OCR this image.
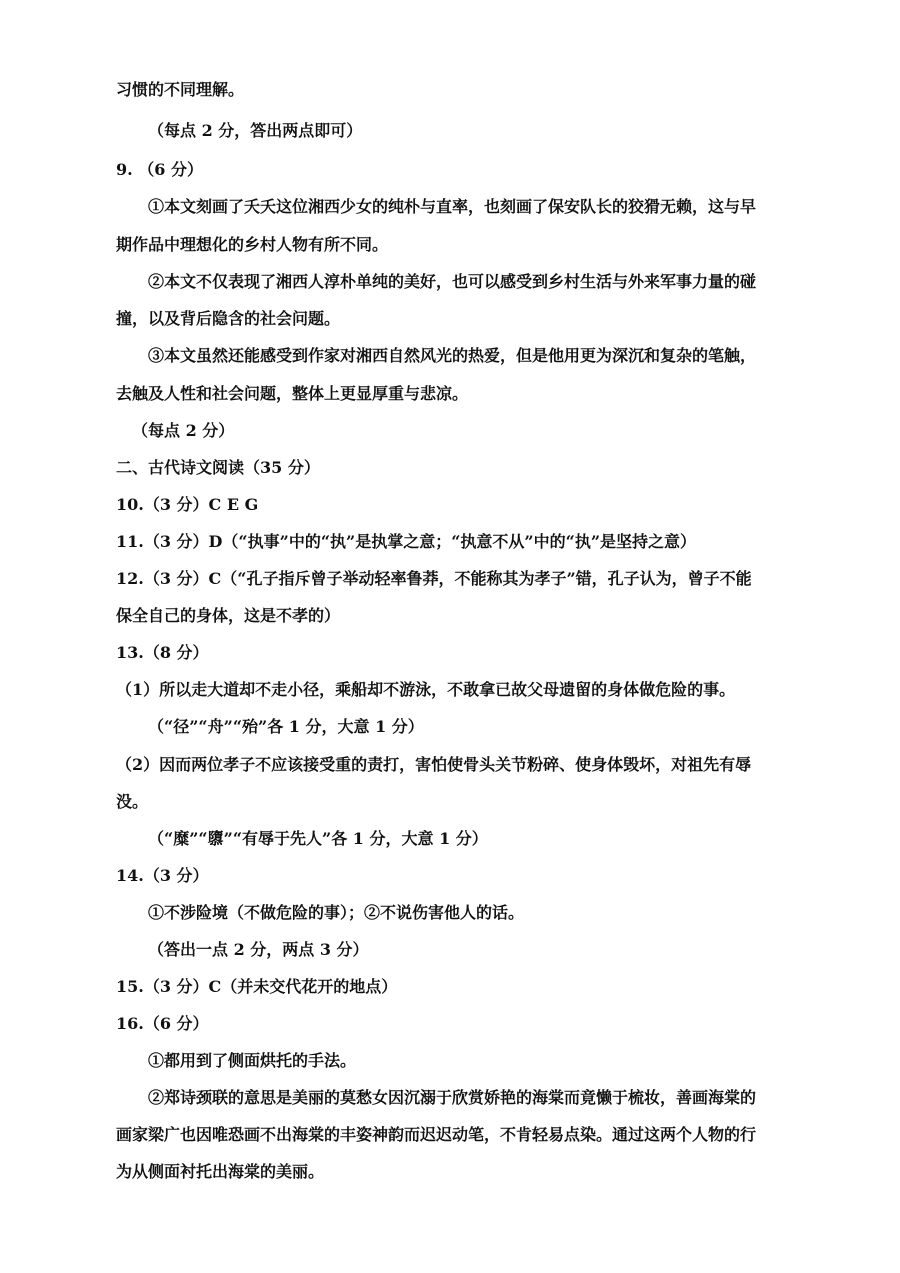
习惯的不同理解。
（每点 2 分，答出两点即可）
9. （6 分）
①本文刻画了夭夭这位湘西少女的纯朴与直率，也刻画了保安队长的狡猾无赖，这与早
期作品中理想化的乡村人物有所不同。
②本文不仅表现了湘西人淳朴单纯的美好，也可以感受到乡村生活与外来军事力量的碰
撞，以及背后隐含的社会问题。
③本文虽然还能感受到作家对湘西自然风光的热爱，但是他用更为深沉和复杂的笔触，
去触及人性和社会问题，整体上更显厚重与悲凉。
（每点 2 分）
二、古代诗文阅读（35 分）
10.（3 分）C E G
11.（3 分）D（“执事”中的“执”是执掌之意；“执意不从”中的“执”是坚持之意）
12.（3 分）C（“孔子指斥曾子举动轻率鲁莽，不能称其为孝子”错，孔子认为，曾子不能
保全自己的身体，这是不孝的）
13.（8 分）
（1）所以走大道却不走小径，乘船却不游泳，不敢拿已故父母遗留的身体做危险的事。
（“径”“舟”“殆”各 1 分，大意 1 分）
（2）因而两位孝子不应该接受重的责打，害怕使骨头关节粉碎、使身体毁坏，对祖先有辱
没。
（“糜”“隳”“有辱于先人”各 1 分，大意 1 分）
14.（3 分）
①不涉险境（不做危险的事）；②不说伤害他人的话。
（答出一点 2 分，两点 3 分）
15.（3 分）C（并未交代花开的地点）
16.（6 分）
①都用到了侧面烘托的手法。
②郑诗颈联的意思是美丽的莫愁女因沉溺于欣赏娇艳的海棠而竟懒于梳妆，善画海棠的
画家梁广也因唯恐画不出海棠的丰姿神韵而迟迟动笔，不肯轻易点染。通过这两个人物的行
为从侧面衬托出海棠的美丽。
